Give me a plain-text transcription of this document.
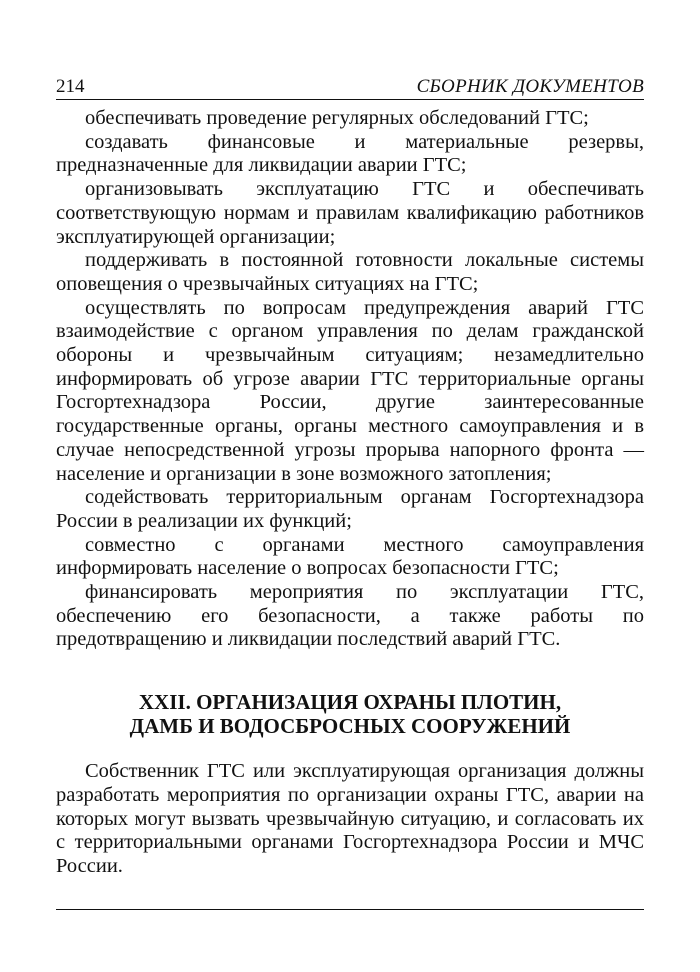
214	СБОРНИК ДОКУМЕНТОВ

обеспечивать проведение регулярных обследований ГТС;

создавать финансовые и материальные резервы, предназначенные для ликвидации аварии ГТС;

организовывать эксплуатацию ГТС и обеспечивать соответствующую нормам и правилам квалификацию работников эксплуатирующей организации;

поддерживать в постоянной готовности локальные системы оповещения о чрезвычайных ситуациях на ГТС;

осуществлять по вопросам предупреждения аварий ГТС взаимодействие с органом управления по делам гражданской обороны и чрезвычайным ситуациям; незамедлительно информировать об угрозе аварии ГТС территориальные органы Госгортехнадзора России, другие заинтересованные государственные органы, органы местного самоуправления и в случае непосредственной угрозы прорыва напорного фронта — население и организации в зоне возможного затопления;

содействовать территориальным органам Госгортехнадзора России в реализации их функций;

совместно с органами местного самоуправления информировать население о вопросах безопасности ГТС;

финансировать мероприятия по эксплуатации ГТС, обеспечению его безопасности, а также работы по предотвращению и ликвидации последствий аварий ГТС.

XXII. ОРГАНИЗАЦИЯ ОХРАНЫ ПЛОТИН,
ДАМБ И ВОДОСБРОСНЫХ СООРУЖЕНИЙ

Собственник ГТС или эксплуатирующая организация должны разработать мероприятия по организации охраны ГТС, аварии на которых могут вызвать чрезвычайную ситуацию, и согласовать их с территориальными органами Госгортехнадзора России и МЧС России.
